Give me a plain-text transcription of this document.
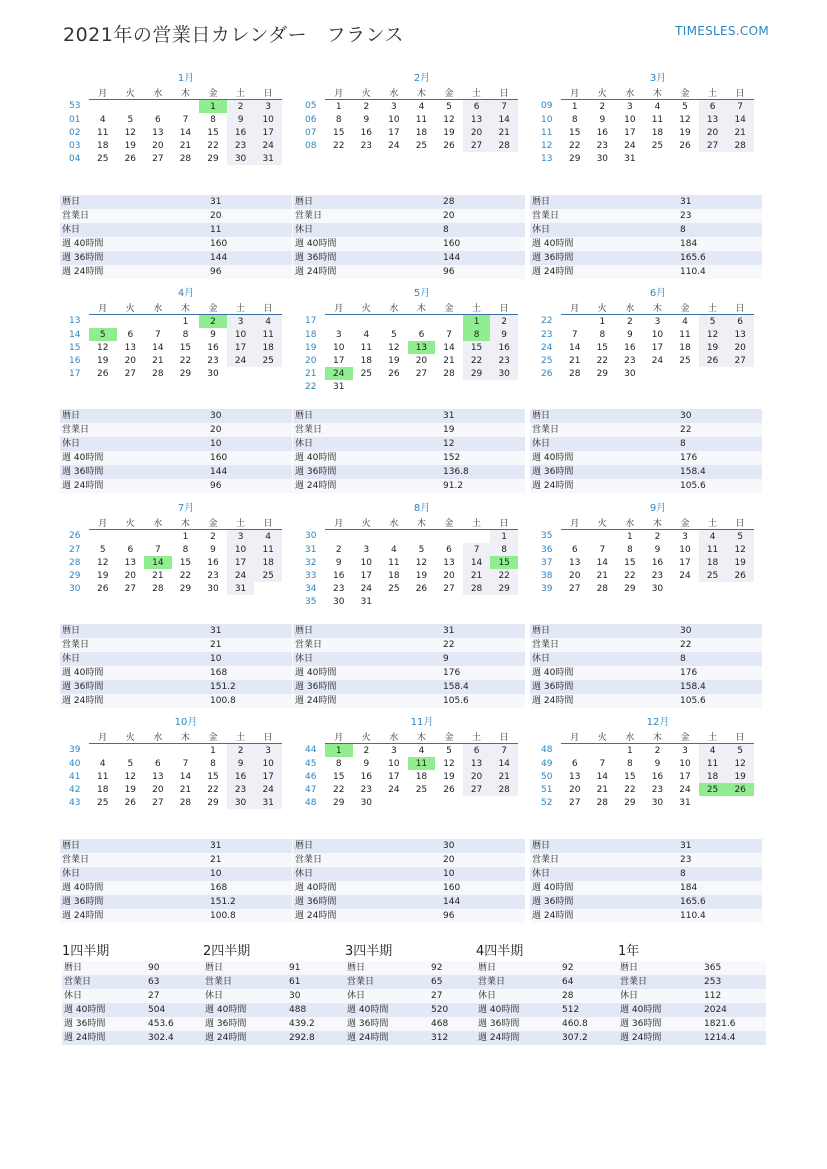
2021年の営業日カレンダー　フランス	TIMESLES.COM
1月
	月	火	水	木	金	土	日
53					1	2	3
01	4	5	6	7	8	9	10
02	11	12	13	14	15	16	17
03	18	19	20	21	22	23	24
04	25	26	27	28	29	30	31
2月
	月	火	水	木	金	土	日
05	1	2	3	4	5	6	7
06	8	9	10	11	12	13	14
07	15	16	17	18	19	20	21
08	22	23	24	25	26	27	28
3月
	月	火	水	木	金	土	日
09	1	2	3	4	5	6	7
10	8	9	10	11	12	13	14
11	15	16	17	18	19	20	21
12	22	23	24	25	26	27	28
13	29	30	31				
4月
	月	火	水	木	金	土	日
13				1	2	3	4
14	5	6	7	8	9	10	11
15	12	13	14	15	16	17	18
16	19	20	21	22	23	24	25
17	26	27	28	29	30		
5月
	月	火	水	木	金	土	日
17						1	2
18	3	4	5	6	7	8	9
19	10	11	12	13	14	15	16
20	17	18	19	20	21	22	23
21	24	25	26	27	28	29	30
22	31						
6月
	月	火	水	木	金	土	日
22		1	2	3	4	5	6
23	7	8	9	10	11	12	13
24	14	15	16	17	18	19	20
25	21	22	23	24	25	26	27
26	28	29	30				
7月
	月	火	水	木	金	土	日
26				1	2	3	4
27	5	6	7	8	9	10	11
28	12	13	14	15	16	17	18
29	19	20	21	22	23	24	25
30	26	27	28	29	30	31	
8月
	月	火	水	木	金	土	日
30							1
31	2	3	4	5	6	7	8
32	9	10	11	12	13	14	15
33	16	17	18	19	20	21	22
34	23	24	25	26	27	28	29
35	30	31					
9月
	月	火	水	木	金	土	日
35			1	2	3	4	5
36	6	7	8	9	10	11	12
37	13	14	15	16	17	18	19
38	20	21	22	23	24	25	26
39	27	28	29	30			
10月
	月	火	水	木	金	土	日
39					1	2	3
40	4	5	6	7	8	9	10
41	11	12	13	14	15	16	17
42	18	19	20	21	22	23	24
43	25	26	27	28	29	30	31
11月
	月	火	水	木	金	土	日
44	1	2	3	4	5	6	7
45	8	9	10	11	12	13	14
46	15	16	17	18	19	20	21
47	22	23	24	25	26	27	28
48	29	30					
12月
	月	火	水	木	金	土	日
48			1	2	3	4	5
49	6	7	8	9	10	11	12
50	13	14	15	16	17	18	19
51	20	21	22	23	24	25	26
52	27	28	29	30	31		
暦日	31
営業日	20
休日	11
週 40時間	160
週 36時間	144
週 24時間	96
暦日	28
営業日	20
休日	8
週 40時間	160
週 36時間	144
週 24時間	96
暦日	31
営業日	23
休日	8
週 40時間	184
週 36時間	165.6
週 24時間	110.4
暦日	30
営業日	20
休日	10
週 40時間	160
週 36時間	144
週 24時間	96
暦日	31
営業日	19
休日	12
週 40時間	152
週 36時間	136.8
週 24時間	91.2
暦日	30
営業日	22
休日	8
週 40時間	176
週 36時間	158.4
週 24時間	105.6
暦日	31
営業日	21
休日	10
週 40時間	168
週 36時間	151.2
週 24時間	100.8
暦日	31
営業日	22
休日	9
週 40時間	176
週 36時間	158.4
週 24時間	105.6
暦日	30
営業日	22
休日	8
週 40時間	176
週 36時間	158.4
週 24時間	105.6
暦日	31
営業日	21
休日	10
週 40時間	168
週 36時間	151.2
週 24時間	100.8
暦日	30
営業日	20
休日	10
週 40時間	160
週 36時間	144
週 24時間	96
暦日	31
営業日	23
休日	8
週 40時間	184
週 36時間	165.6
週 24時間	110.4
1四半期
暦日	90
営業日	63
休日	27
週 40時間	504
週 36時間	453.6
週 24時間	302.4
2四半期
暦日	91
営業日	61
休日	30
週 40時間	488
週 36時間	439.2
週 24時間	292.8
3四半期
暦日	92
営業日	65
休日	27
週 40時間	520
週 36時間	468
週 24時間	312
4四半期
暦日	92
営業日	64
休日	28
週 40時間	512
週 36時間	460.8
週 24時間	307.2
1年
暦日	365
営業日	253
休日	112
週 40時間	2024
週 36時間	1821.6
週 24時間	1214.4
